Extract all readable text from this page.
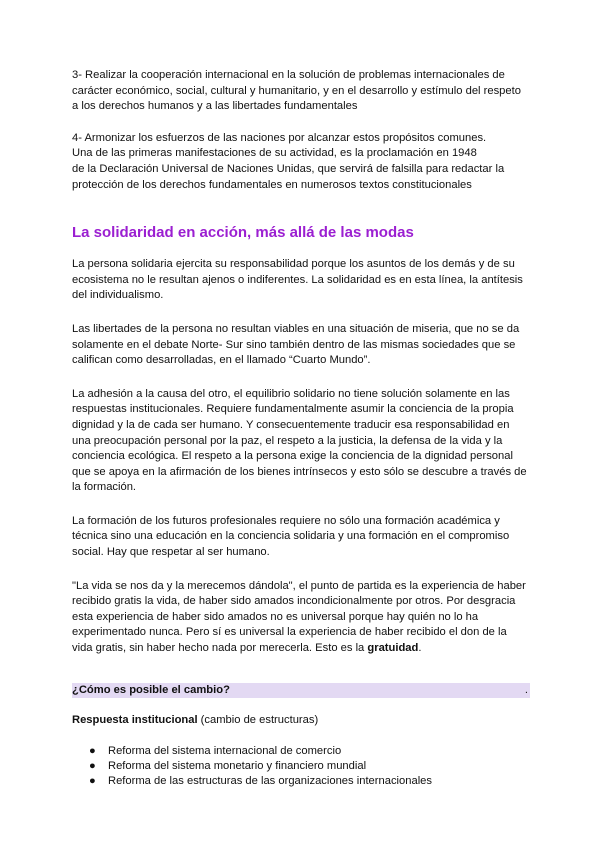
3- Realizar la cooperación internacional en la solución de problemas internacionales de carácter económico, social, cultural y humanitario, y en el desarrollo y estímulo del respeto a los derechos humanos y a las libertades fundamentales

4- Armonizar los esfuerzos de las naciones por alcanzar estos propósitos comunes.

Una de las primeras manifestaciones de su actividad, es la proclamación en 1948

de la Declaración Universal de Naciones Unidas, que servirá de falsilla para redactar la

protección de los derechos fundamentales en numerosos textos constitucionales

La solidaridad en acción, más allá de las modas

La persona solidaria ejercita su responsabilidad porque los asuntos de los demás y de su ecosistema no le resultan ajenos o indiferentes. La solidaridad es en esta línea, la antítesis del individualismo.

Las libertades de la persona no resultan viables en una situación de miseria, que no se da solamente en el debate Norte- Sur sino también dentro de las mismas sociedades que se califican como desarrolladas, en el llamado “Cuarto Mundo”.

La adhesión a la causa del otro, el equilibrio solidario no tiene solución solamente en las respuestas institucionales. Requiere fundamentalmente asumir la conciencia de la propia dignidad y la de cada ser humano. Y consecuentemente traducir esa responsabilidad en una preocupación personal por la paz, el respeto a la justicia, la defensa de la vida y la conciencia ecológica. El respeto a la persona exige la conciencia de la dignidad personal que se apoya en la afirmación de los bienes intrínsecos y esto sólo se descubre a través de la formación.

La formación de los futuros profesionales requiere no sólo una formación académica y técnica sino una educación en la conciencia solidaria y una formación en el compromiso social. Hay que respetar al ser humano.

"La vida se nos da y la merecemos dándola", el punto de partida es la experiencia de haber recibido gratis la vida, de haber sido amados incondicionalmente por otros. Por desgracia esta experiencia de haber sido amados no es universal porque hay quién no lo ha experimentado nunca. Pero sí es universal la experiencia de haber recibido el don de la vida gratis, sin haber hecho nada por merecerla. Esto es la gratuidad.

¿Cómo es posible el cambio?	.

Respuesta institucional (cambio de estructuras)

● Reforma del sistema internacional de comercio
● Reforma del sistema monetario y financiero mundial
● Reforma de las estructuras de las organizaciones internacionales
